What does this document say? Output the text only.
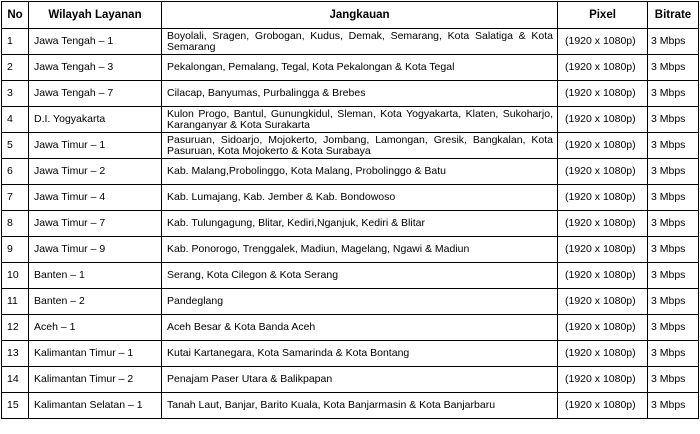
No	Wilayah Layanan	Jangkauan	Pixel	Bitrate
1	Jawa Tengah – 1	Boyolali, Sragen, Grobogan, Kudus, Demak, Semarang, Kota Salatiga & Kota Semarang	(1920 x 1080p)	3 Mbps
2	Jawa Tengah – 3	Pekalongan, Pemalang, Tegal, Kota Pekalongan & Kota Tegal	(1920 x 1080p)	3 Mbps
3	Jawa Tengah – 7	Cilacap, Banyumas, Purbalingga & Brebes	(1920 x 1080p)	3 Mbps
4	D.I. Yogyakarta	Kulon Progo, Bantul, Gunungkidul, Sleman, Kota Yogyakarta, Klaten, Sukoharjo, Karanganyar & Kota Surakarta	(1920 x 1080p)	3 Mbps
5	Jawa Timur – 1	Pasuruan, Sidoarjo, Mojokerto, Jombang, Lamongan, Gresik, Bangkalan, Kota Pasuruan, Kota Mojokerto & Kota Surabaya	(1920 x 1080p)	3 Mbps
6	Jawa Timur – 2	Kab. Malang,Probolinggo, Kota Malang, Probolinggo & Batu	(1920 x 1080p)	3 Mbps
7	Jawa Timur – 4	Kab. Lumajang, Kab. Jember & Kab. Bondowoso	(1920 x 1080p)	3 Mbps
8	Jawa Timur – 7	Kab. Tulungagung, Blitar, Kediri,Nganjuk, Kediri & Blitar	(1920 x 1080p)	3 Mbps
9	Jawa Timur – 9	Kab. Ponorogo, Trenggalek, Madiun, Magelang, Ngawi & Madiun	(1920 x 1080p)	3 Mbps
10	Banten – 1	Serang, Kota Cilegon & Kota Serang	(1920 x 1080p)	3 Mbps
11	Banten – 2	Pandeglang	(1920 x 1080p)	3 Mbps
12	Aceh – 1	Aceh Besar & Kota Banda Aceh	(1920 x 1080p)	3 Mbps
13	Kalimantan Timur – 1	Kutai Kartanegara, Kota Samarinda & Kota Bontang	(1920 x 1080p)	3 Mbps
14	Kalimantan Timur – 2	Penajam Paser Utara & Balikpapan	(1920 x 1080p)	3 Mbps
15	Kalimantan Selatan – 1	Tanah Laut, Banjar, Barito Kuala, Kota Banjarmasin & Kota Banjarbaru	(1920 x 1080p)	3 Mbps
